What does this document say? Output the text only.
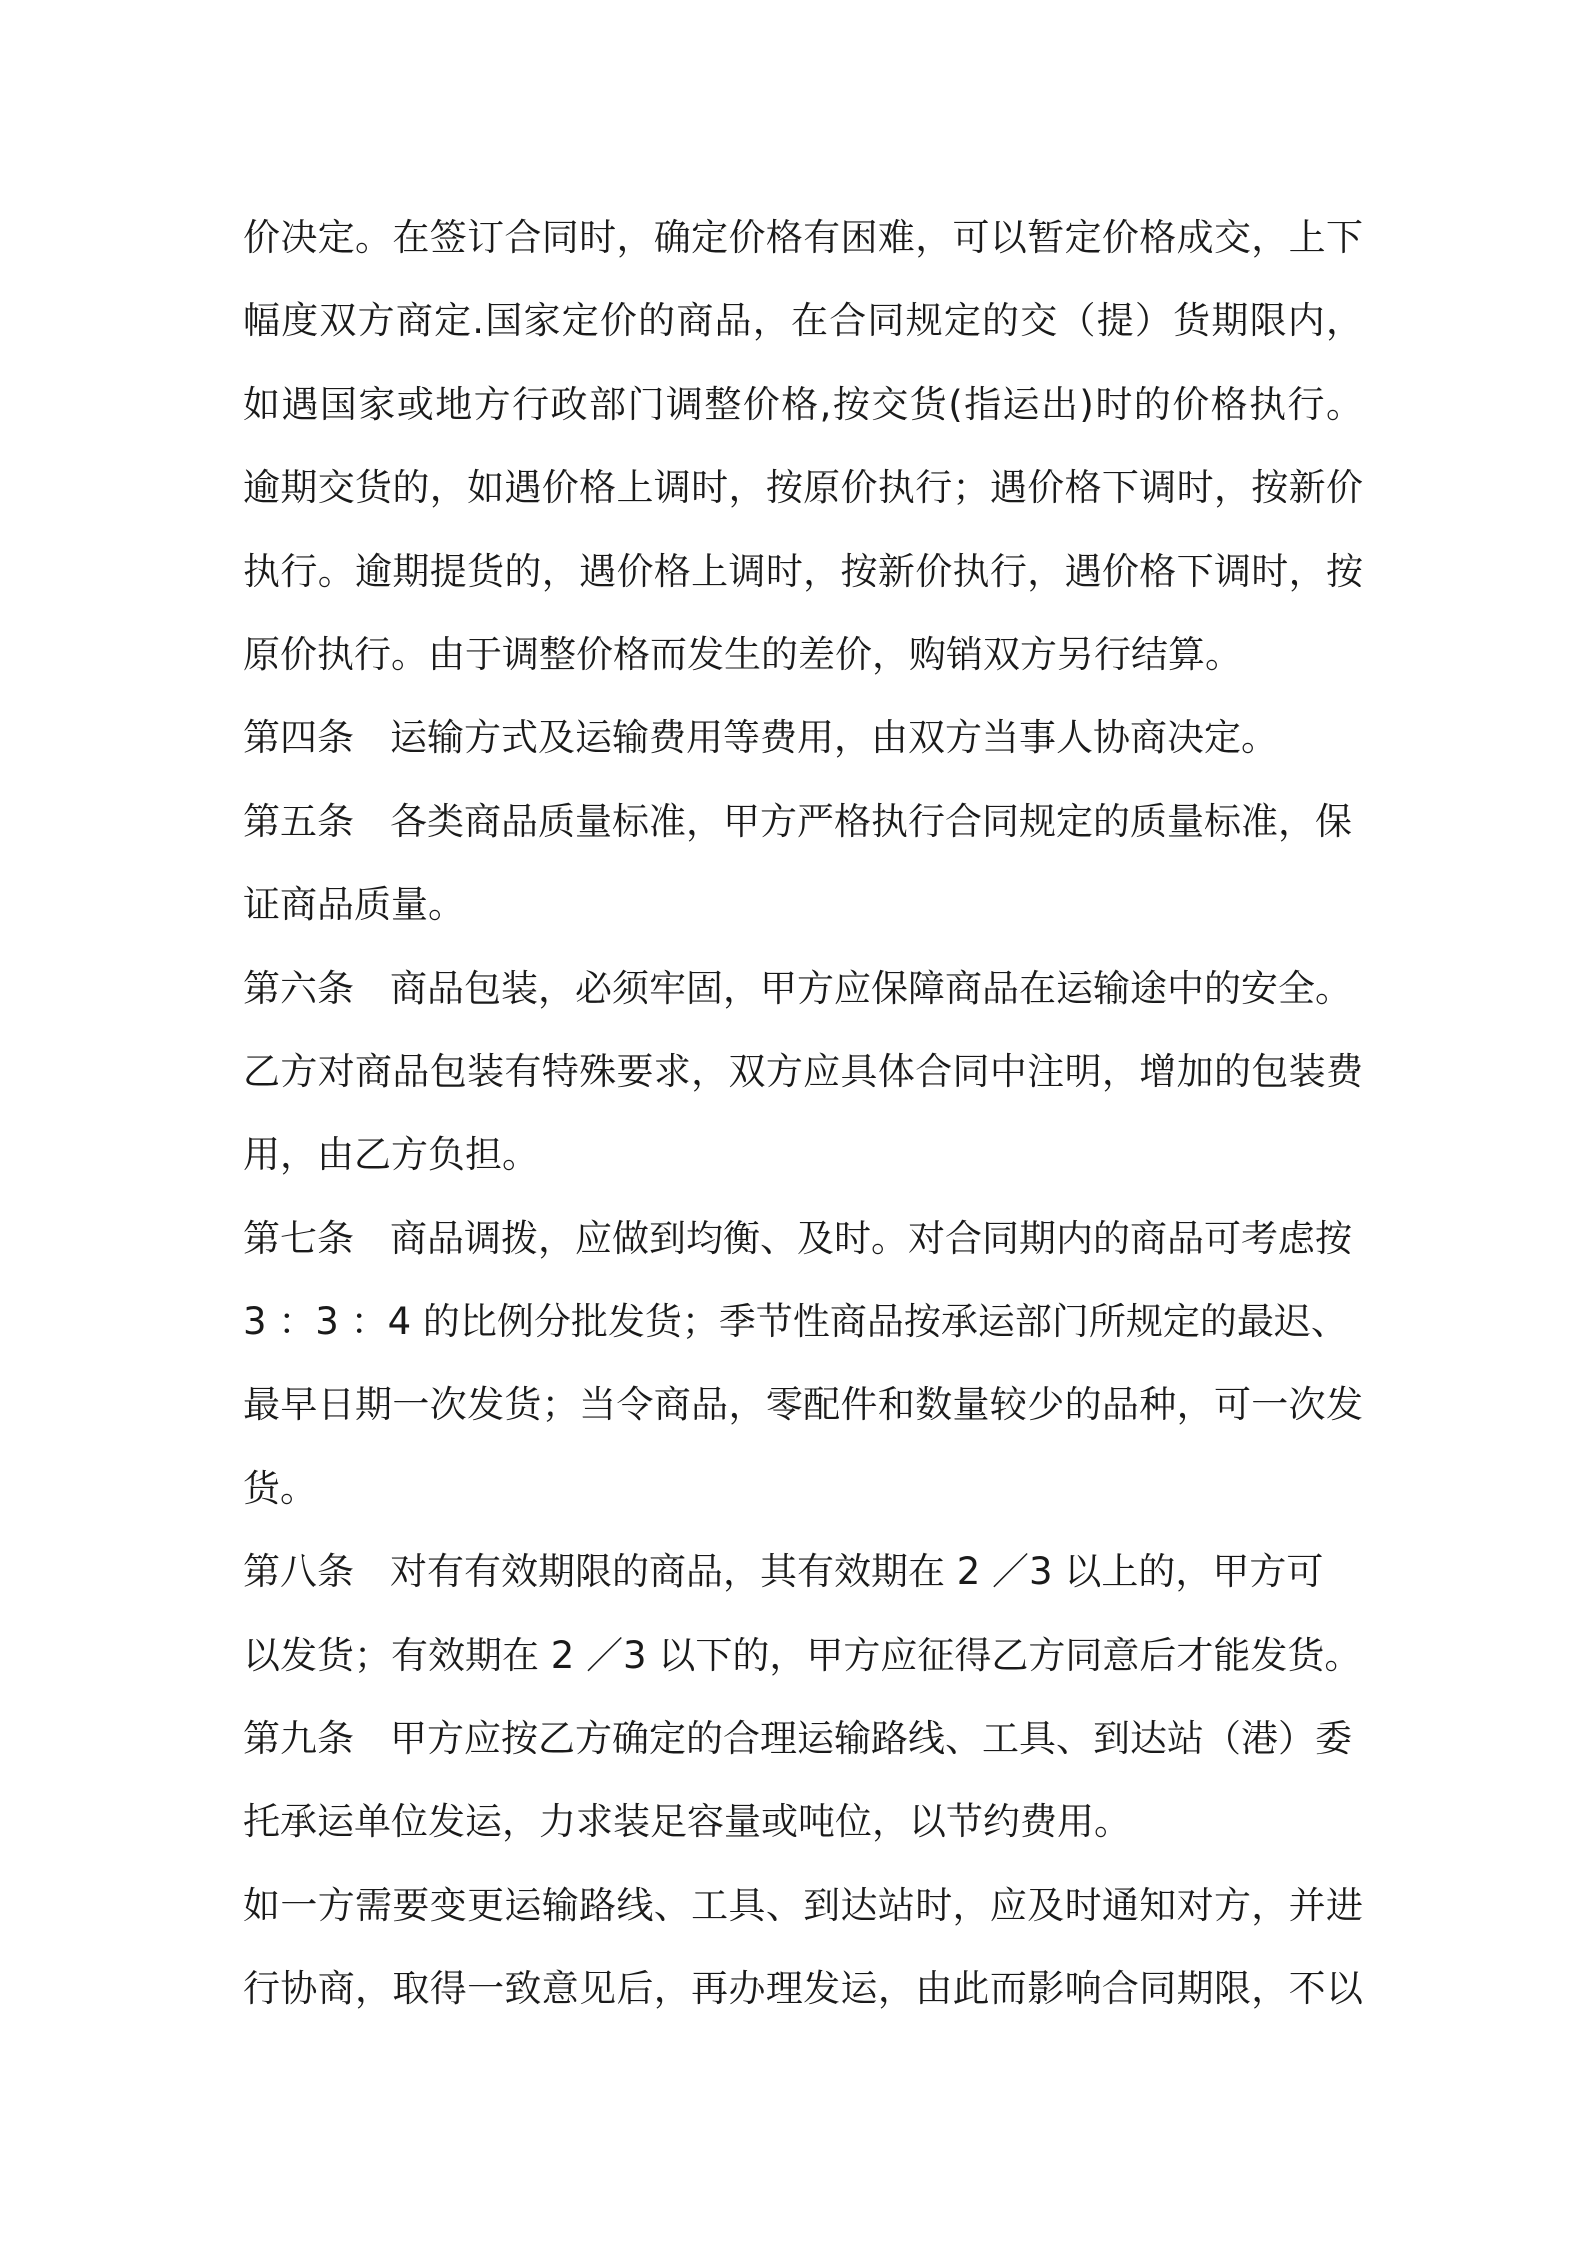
价决定。在签订合同时，确定价格有困难，可以暂定价格成交，上下
幅度双方商定.国家定价的商品，在合同规定的交（提）货期限内，
如遇国家或地方行政部门调整价格,按交货(指运出)时的价格执行。
逾期交货的，如遇价格上调时，按原价执行；遇价格下调时，按新价
执行。逾期提货的，遇价格上调时，按新价执行，遇价格下调时，按
原价执行。由于调整价格而发生的差价，购销双方另行结算。
第四条 运输方式及运输费用等费用，由双方当事人协商决定。
第五条 各类商品质量标准，甲方严格执行合同规定的质量标准，保
证商品质量。
第六条 商品包装，必须牢固，甲方应保障商品在运输途中的安全。
乙方对商品包装有特殊要求，双方应具体合同中注明，增加的包装费
用，由乙方负担。
第七条 商品调拨，应做到均衡、及时。对合同期内的商品可考虑按
3 ：3 ：4 的比例分批发货；季节性商品按承运部门所规定的最迟、
最早日期一次发货；当令商品，零配件和数量较少的品种，可一次发
货。
第八条 对有有效期限的商品，其有效期在 2 ／3 以上的，甲方可
以发货；有效期在 2 ／3 以下的，甲方应征得乙方同意后才能发货。
第九条 甲方应按乙方确定的合理运输路线、工具、到达站（港）委
托承运单位发运，力求装足容量或吨位，以节约费用。
如一方需要变更运输路线、工具、到达站时，应及时通知对方，并进
行协商，取得一致意见后，再办理发运，由此而影响合同期限，不以
